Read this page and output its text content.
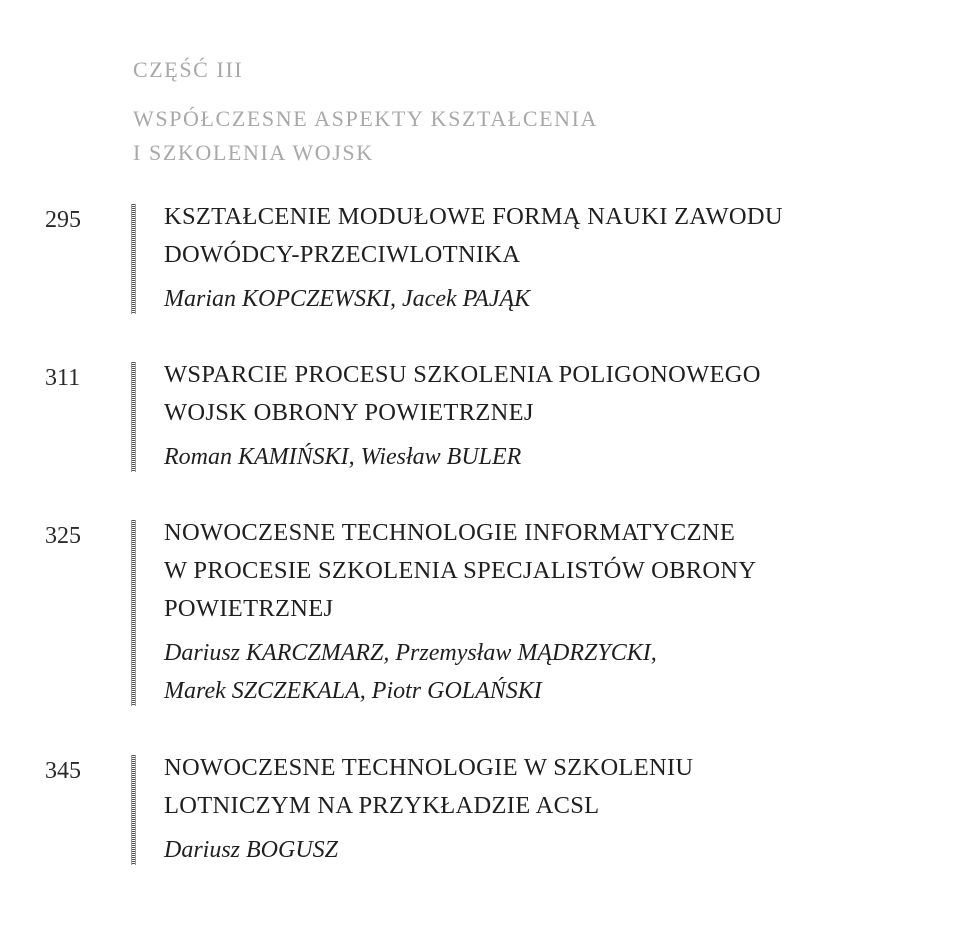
CZĘŚĆ III
WSPÓŁCZESNE ASPEKTY KSZTAŁCENIA
I SZKOLENIA WOJSK
295	KSZTAŁCENIE MODUŁOWE FORMĄ NAUKI ZAWODU
DOWÓDCY-PRZECIWLOTNIKA

Marian KOPCZEWSKI, Jacek PAJĄK
311	WSPARCIE PROCESU SZKOLENIA POLIGONOWEGO
WOJSK OBRONY POWIETRZNEJ

Roman KAMIŃSKI, Wiesław BULER
325	NOWOCZESNE TECHNOLOGIE INFORMATYCZNE
W PROCESIE SZKOLENIA SPECJALISTÓW OBRONY
POWIETRZNEJ

Dariusz KARCZMARZ, Przemysław MĄDRZYCKI,
Marek SZCZEKALA, Piotr GOLAŃSKI
345	NOWOCZESNE TECHNOLOGIE W SZKOLENIU
LOTNICZYM NA PRZYKŁADZIE ACSL

Dariusz BOGUSZ
